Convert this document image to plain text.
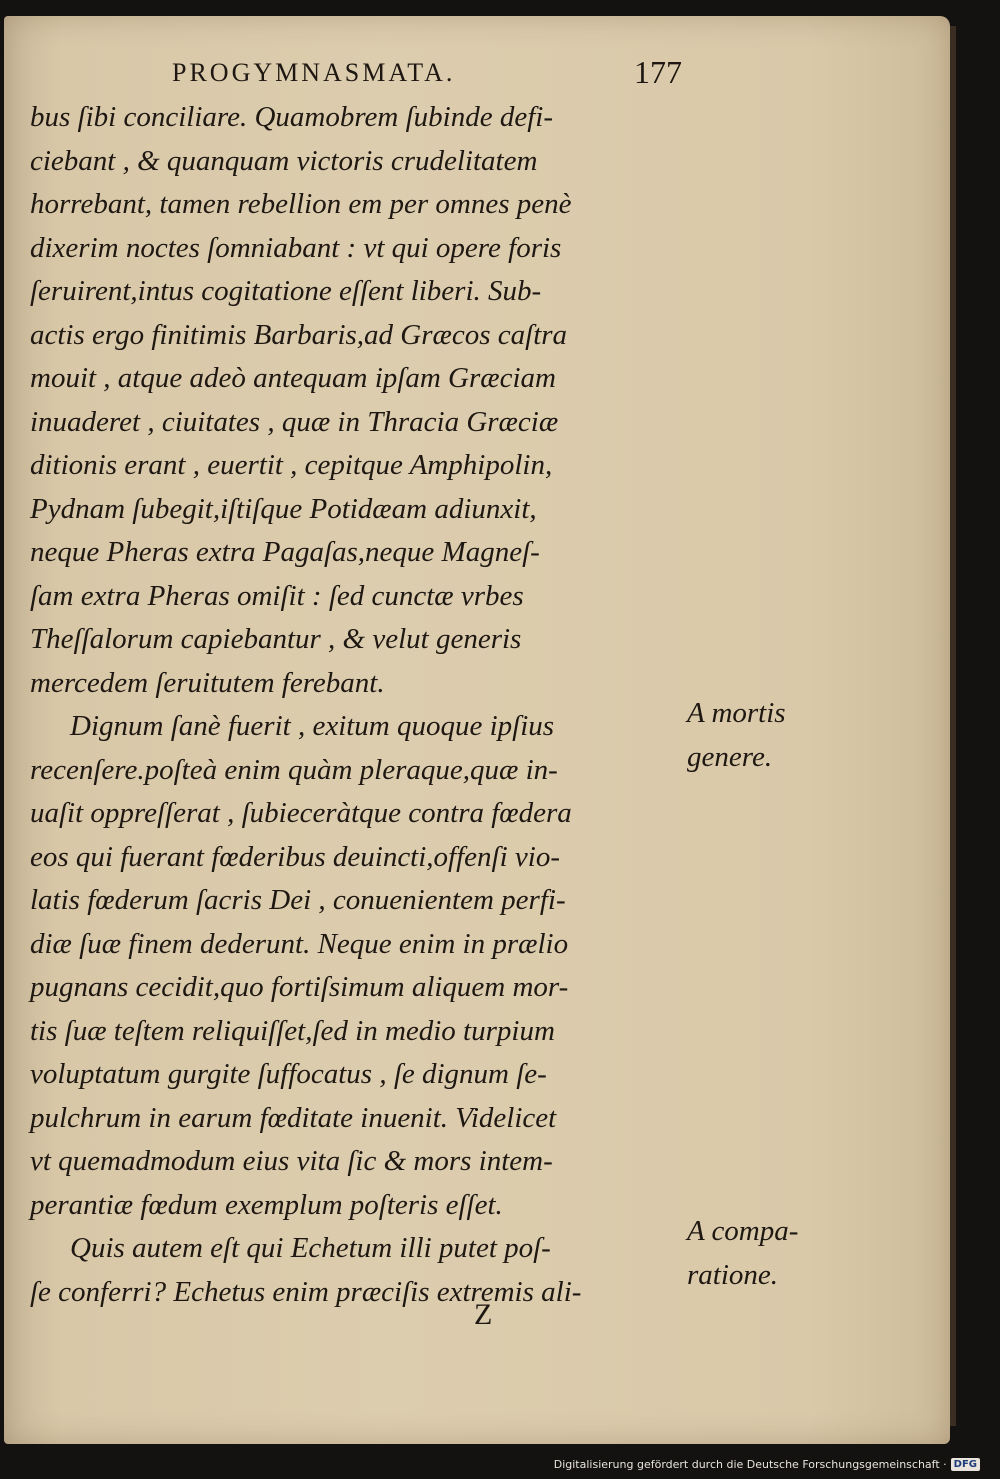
PROGYMNASMATA.	177
bus ſibi conciliare. Quamobrem ſubinde defi-
ciebant , & quanquam victoris crudelitatem
horrebant, tamen rebellion em per omnes penè
dixerim noctes ſomniabant : vt qui opere foris
ſeruirent,intus cogitatione eſſent liberi. Sub-
actis ergo finitimis Barbaris,ad Græcos caſtra
mouit , atque adeò antequam ipſam Græciam
inuaderet , ciuitates , quæ in Thracia Græciæ
ditionis erant , euertit , cepitque Amphipolin,
Pydnam ſubegit,iſtiſque Potidæam adiunxit,
neque Pheras extra Pagaſas,neque Magneſ-
ſam extra Pheras omiſit : ſed cunctæ vrbes
Theſſalorum capiebantur , & velut generis
mercedem ſeruitutem ferebant.
Dignum ſanè fuerit , exitum quoque ipſius
recenſere.poſteà enim quàm pleraque,quæ in-
uaſit oppreſſerat , ſubieceràtque contra fœdera
eos qui fuerant fœderibus deuincti,offenſi vio-
latis fœderum ſacris Dei , conuenientem perfi-
diæ ſuæ finem dederunt. Neque enim in prælio
pugnans cecidit,quo fortiſsimum aliquem mor-
tis ſuæ teſtem reliquiſſet,ſed in medio turpium
voluptatum gurgite ſuffocatus , ſe dignum ſe-
pulchrum in earum fœditate inuenit. Videlicet
vt quemadmodum eius vita ſic & mors intem-
perantiæ fœdum exemplum poſteris eſſet.
Quis autem eſt qui Echetum illi putet poſ-
ſe conferri? Echetus enim præciſis extremis ali-
A mortis
genere.
A compa-
ratione.
Z
Digitalisierung gefördert durch die Deutsche Forschungsgemeinschaft · DFG
